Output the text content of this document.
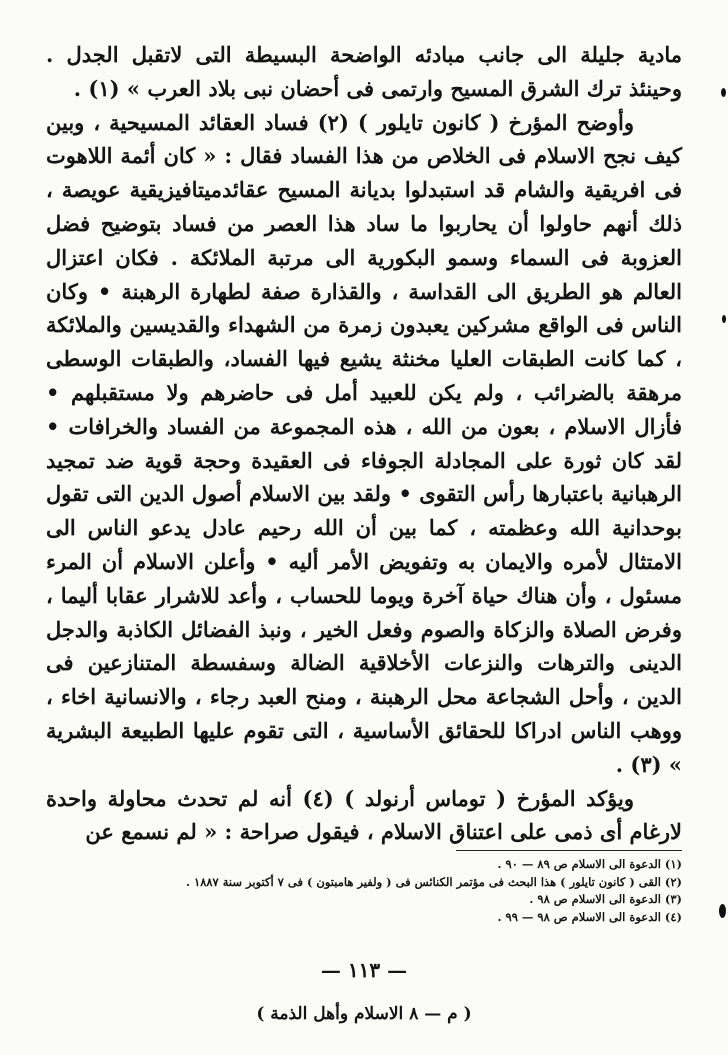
مادية جليلة الى جانب مبادئه الواضحة البسيطة التى لاتقبل الجدل . وحينئذ ترك الشرق المسيح وارتمى فى أحضان نبى بلاد العرب » (١) .

وأوضح المؤرخ ( كانون تايلور ) (٢) فساد العقائد المسيحية ، وبين كيف نجح الاسلام فى الخلاص من هذا الفساد فقال : « كان أئمة اللاهوت فى افريقية والشام قد استبدلوا بديانة المسيح عقائدميتافيزيقية عويصة ، ذلك أنهم حاولوا أن يحاربوا ما ساد هذا العصر من فساد بتوضيح فضل العزوبة فى السماء وسمو البكورية الى مرتبة الملائكة . فكان اعتزال العالم هو الطريق الى القداسة ، والقذارة صفة لطهارة الرهبنة • وكان الناس فى الواقع مشركين يعبدون زمرة من الشهداء والقديسين والملائكة ، كما كانت الطبقات العليا مخنثة يشيع فيها الفساد، والطبقات الوسطى مرهقة بالضرائب ، ولم يكن للعبيد أمل فى حاضرهم ولا مستقبلهم • فأزال الاسلام ، بعون من الله ، هذه المجموعة من الفساد والخرافات • لقد كان ثورة على المجادلة الجوفاء فى العقيدة وحجة قوية ضد تمجيد الرهبانية باعتبارها رأس التقوى • ولقد بين الاسلام أصول الدين التى تقول بوحدانية الله وعظمته ، كما بين أن الله رحيم عادل يدعو الناس الى الامتثال لأمره والايمان به وتفويض الأمر أليه • وأعلن الاسلام أن المرء مسئول ، وأن هناك حياة آخرة ويوما للحساب ، وأعد للاشرار عقابا أليما ، وفرض الصلاة والزكاة والصوم وفعل الخير ، ونبذ الفضائل الكاذبة والدجل الدينى والترهات والنزعات الأخلاقية الضالة وسفسطة المتنازعين فى الدين ، وأحل الشجاعة محل الرهبنة ، ومنح العبد رجاء ، والانسانية اخاء ، ووهب الناس ادراكا للحقائق الأساسية ، التى تقوم عليها الطبيعة البشرية » (٣) .

ويؤكد المؤرخ ( توماس أرنولد ) (٤) أنه لم تحدث محاولة واحدة لارغام أى ذمى على اعتناق الاسلام ، فيقول صراحة : « لم نسمع عن

(١) الدعوة الى الاسلام ص ٨٩ — ٩٠ .
(٢) القى ( كانون تايلور ) هذا البحث فى مؤتمر الكنائس فى ( ولفير هامبتون ) فى ٧ أكتوبر سنة ١٨٨٧ .
(٣) الدعوة الى الاسلام ص ٩٨ .
(٤) الدعوة الى الاسلام ص ٩٨ — ٩٩ .
— ١١٣ —
( م — ٨ الاسلام وأهل الذمة )
